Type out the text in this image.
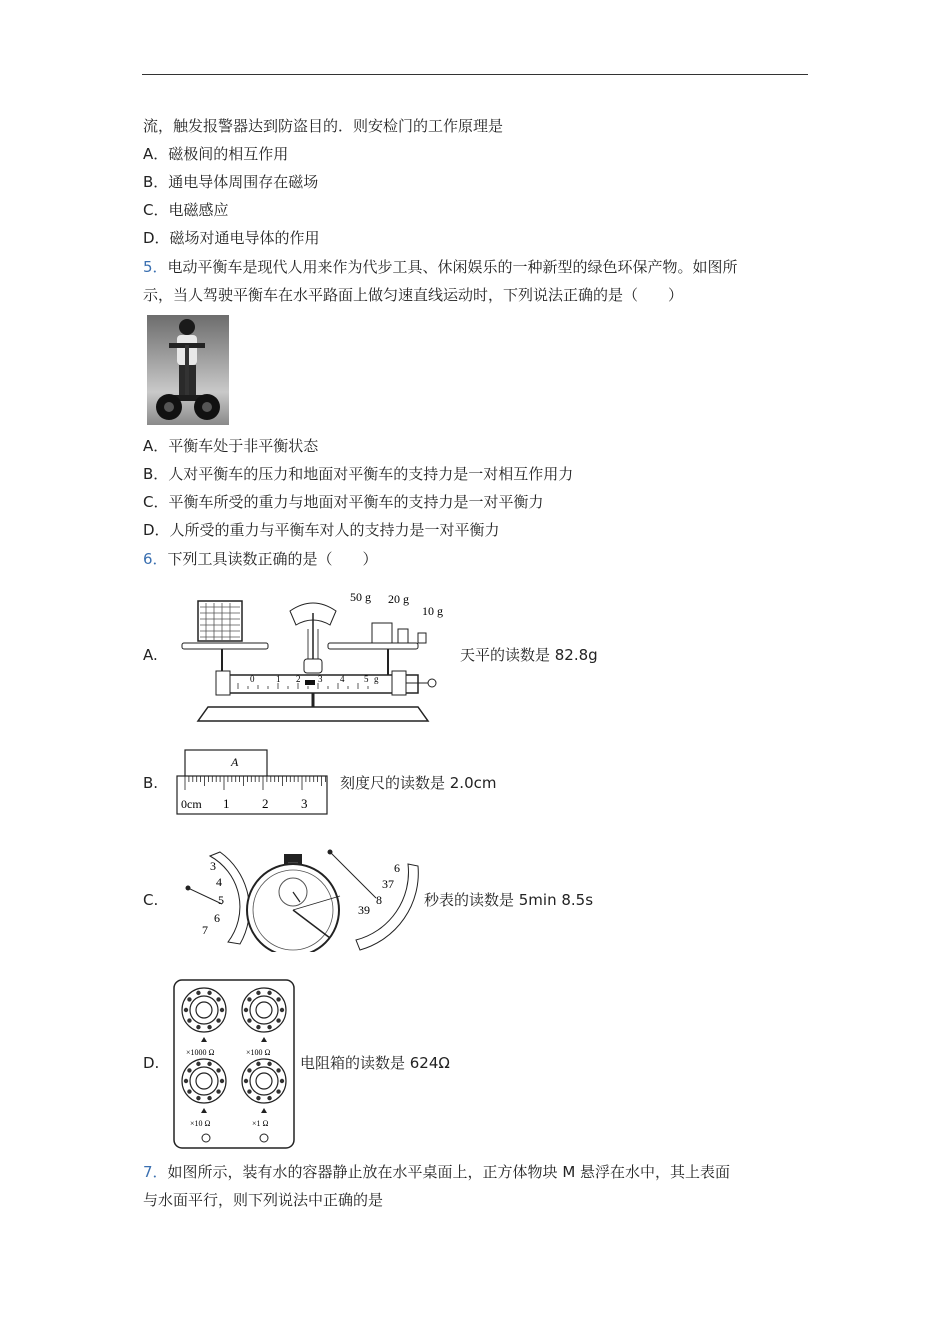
流，触发报警器达到防盗目的．则安检门的工作原理是
A．磁极间的相互作用
B．通电导体周围存在磁场
C．电磁感应
D．磁场对通电导体的作用
5．电动平衡车是现代人用来作为代步工具、休闲娱乐的一种新型的绿色环保产物。如图所
示，当人驾驶平衡车在水平路面上做匀速直线运动时，下列说法正确的是（　　）
A．平衡车处于非平衡状态
B．人对平衡车的压力和地面对平衡车的支持力是一对相互作用力
C．平衡车所受的重力与地面对平衡车的支持力是一对平衡力
D．人所受的重力与平衡车对人的支持力是一对平衡力
6．下列工具读数正确的是（　　）
A.
50 g 20 g
10 g
0 1 2 3 4 5 g
天平的读数是 82.8g
B.
A
0cm 1	2	3
刻度尺的读数是 2.0cm
C.
3
4
5
6
7
6
37
8
39
秒表的读数是 5min 8.5s
D.
×1000 Ω	×100 Ω
×10 Ω	×1 Ω
电阻箱的读数是 624Ω
7．如图所示，装有水的容器静止放在水平桌面上，正方体物块 M 悬浮在水中，其上表面
与水面平行，则下列说法中正确的是
